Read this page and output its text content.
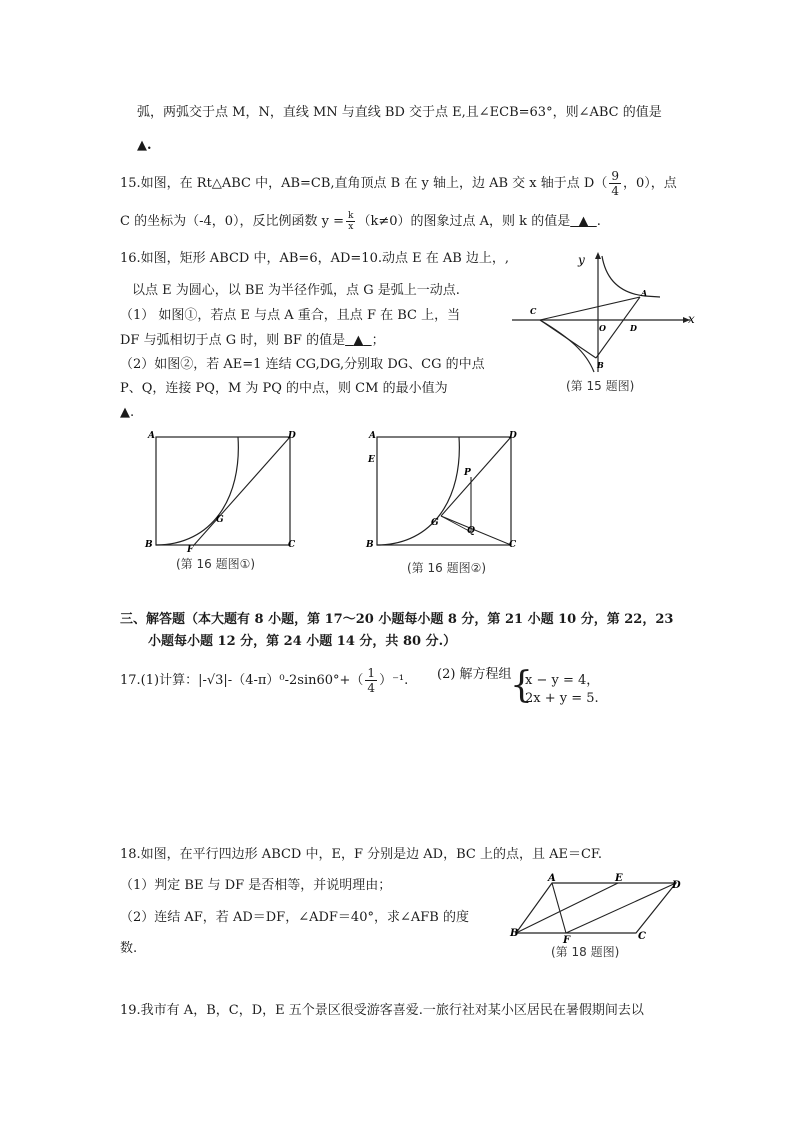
弧，两弧交于点 M，N，直线 MN 与直线 BD 交于点 E,且∠ECB=63°，则∠ABC 的值是
▲.
15.如图，在 Rt△ABC 中，AB=CB,直角顶点 B 在 y 轴上，边 AB 交 x 轴于点 $D( \frac{9}{4}$ ，0），点
C 的坐标为（-4，0），反比例函数 $y = \frac{k}{x} (k\ne 0)$的图象过点 A，则 k 的值是 ▲ .
16.如图，矩形 ABCD 中，AB=6，AD=10.动点 E 在 AB 边上，,
以点 E 为圆心，以 BE 为半径作弧，点 G 是弧上一动点.
（1） 如图①，若点 E 与点 A 重合，且点 F 在 BC 上，当
DF 与弧相切于点 G 时，则 BF 的值是 ▲ ；
（2）如图②，若 AE=1 连结 CG,DG,分别取 DG、CG 的中点
P、Q，连接 PQ，M 为 PQ 的中点，则 CM 的最小值为
▲.
y
x
A
B
C
D
O
(第 15 题图)
A	D
B	C
G
F
(第 16 题图①)
A	D
E
B	C
P
Q
G
(第 16 题图②)
三、解答题（本大题有 8 小题，第 17～20 小题每小题 8 分，第 21 小题 10 分，第 22，23
小题每小题 12 分，第 24 小题 14 分，共 80 分.）
17.(1)计算：$|-√3|-(4-\pi)^0-2\sin 60^\circ+( \frac{1}{4} )^{-1}$. (2) 解方程组
{
x − y = 4，
2x + y = 5.
18.如图，在平行四边形 ABCD 中，E，F 分别是边 AD，BC 上的点，且 AE＝CF.
（1）判定 BE 与 DF 是否相等，并说明理由；
（2）连结 AF，若 AD＝DF，∠ADF＝40°，求∠AFB 的度
数.
A	E
D
B
F	C
(第 18 题图)
19.我市有 A，B，C，D，E 五个景区很受游客喜爱.一旅行社对某小区居民在暑假期间去以
